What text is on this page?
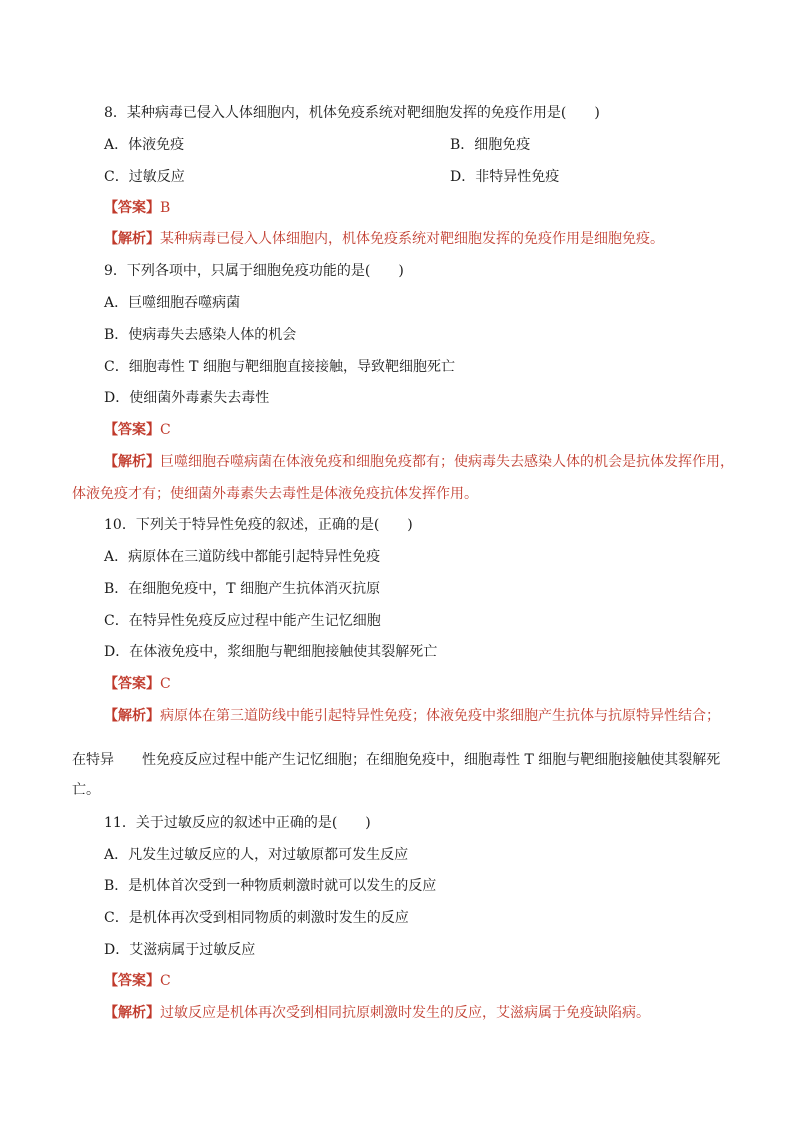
8．某种病毒已侵入人体细胞内，机体免疫系统对靶细胞发挥的免疫作用是(　　)
A．体液免疫	B．细胞免疫
C．过敏反应	D．非特异性免疫
【答案】B
【解析】某种病毒已侵入人体细胞内，机体免疫系统对靶细胞发挥的免疫作用是细胞免疫。
9．下列各项中，只属于细胞免疫功能的是(　　)
A．巨噬细胞吞噬病菌
B．使病毒失去感染人体的机会
C．细胞毒性 T 细胞与靶细胞直接接触，导致靶细胞死亡
D．使细菌外毒素失去毒性
【答案】C
【解析】巨噬细胞吞噬病菌在体液免疫和细胞免疫都有；使病毒失去感染人体的机会是抗体发挥作用，
体液免疫才有；使细菌外毒素失去毒性是体液免疫抗体发挥作用。
10．下列关于特异性免疫的叙述，正确的是(　　)
A．病原体在三道防线中都能引起特异性免疫
B．在细胞免疫中，T 细胞产生抗体消灭抗原
C．在特异性免疫反应过程中能产生记忆细胞
D．在体液免疫中，浆细胞与靶细胞接触使其裂解死亡
【答案】C
【解析】病原体在第三道防线中能引起特异性免疫；体液免疫中浆细胞产生抗体与抗原特异性结合；
在特异　　性免疫反应过程中能产生记忆细胞；在细胞免疫中，细胞毒性 T 细胞与靶细胞接触使其裂解死
亡。
11．关于过敏反应的叙述中正确的是(　　)
A．凡发生过敏反应的人，对过敏原都可发生反应
B．是机体首次受到一种物质刺激时就可以发生的反应
C．是机体再次受到相同物质的刺激时发生的反应
D．艾滋病属于过敏反应
【答案】C
【解析】过敏反应是机体再次受到相同抗原刺激时发生的反应，艾滋病属于免疫缺陷病。
